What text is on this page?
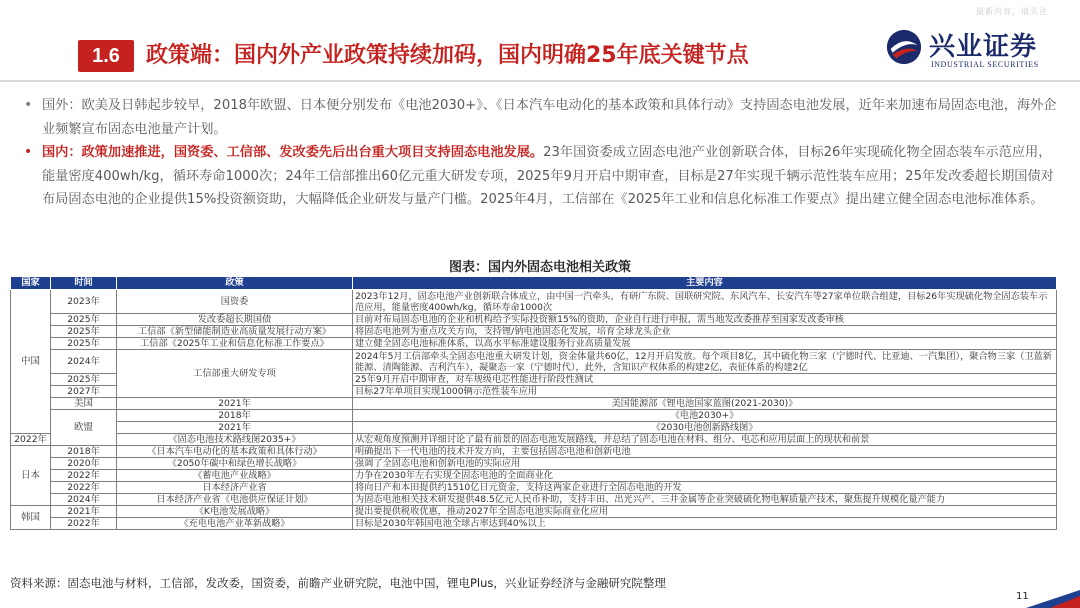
最新内容，请关注
1.6	政策端：国内外产业政策持续加码，国内明确25年底关键节点	兴业证券
INDUSTRIAL SECURITIES
• 国外：欧美及日韩起步较早，2018年欧盟、日本便分别发布《电池2030+》、《日本汽车电动化的基本政策和具体行动》支持固态电池发展，近年来加速布局固态电池，海外企业频繁宣布固态电池量产计划。
• 国内：政策加速推进，国资委、工信部、发改委先后出台重大项目支持固态电池发展。23年国资委成立固态电池产业创新联合体，目标26年实现硫化物全固态装车示范应用，能量密度400wh/kg，循环寿命1000次；24年工信部推出60亿元重大研发专项，2025年9月开启中期审查，目标是27年实现千辆示范性装车应用；25年发改委超长期国债对布局固态电池的企业提供15%投资额资助，大幅降低企业研发与量产门槛。2025年4月，工信部在《2025年工业和信息化标准工作要点》提出建立健全固态电池标准体系。
图表：国内外固态电池相关政策
国家	时间	政策	主要内容	
中国	2023年	国资委	2023年12月，固态电池产业创新联合体成立，由中国一汽牵头，有研广东院、国联研究院、东风汽车、长安汽车等27家单位联合组建，目标26年实现硫化物全固态装车示范应用，能量密度400wh/kg，循环寿命1000次	
	2025年	发改委超长期国债	目前对布局固态电池的企业和机构给予实际投资额15%的资助，企业自行进行申报，需当地发改委推荐至国家发改委审核	
	2025年	工信部《新型储能制造业高质量发展行动方案》	将固态电池列为重点攻关方向，支持锂/钠电池固态化发展，培育全球龙头企业	
	2025年	工信部《2025年工业和信息化标准工作要点》	建立健全固态电池标准体系，以高水平标准建设服务行业高质量发展	
	2024年	工信部重大研发专项	2024年5月工信部牵头全固态电池重大研发计划，资金体量共60亿，12月开启发放。每个项目8亿，其中硫化物三家（宁德时代、比亚迪、一汽集团），聚合物三家（卫蓝新能源、清陶能源、吉利汽车），凝聚态一家（宁德时代），此外，含知识产权体系的构建2亿，表征体系的构建2亿	
	2025年		25年9月开启中期审查，对车规级电芯性能进行阶段性测试	
	2027年		目标27年单项目实现1000辆示范性装车应用	
	美国	2021年	美国能源部《锂电池国家蓝图(2021-2030)》	
	欧盟	2018年	《电池2030+》	
		2021年	《2030电池创新路线图》	
2022年		《固态电池技术路线图2035+》	从宏观角度预测并详细讨论了最有前景的固态电池发展路线，并总结了固态电池在材料、组分、电芯和应用层面上的现状和前景	
日本	2018年	《日本汽车电动化的基本政策和具体行动》	明确提出下一代电池的技术开发方向，主要包括固态电池和创新电池	
	2020年	《2050年碳中和绿色增长战略》	强调了全固态电池和创新电池的实际应用	
	2022年	《蓄电池产业战略》	力争在2030年左右实现全固态电池的全面商业化	
	2022年	日本经济产业省	将向日产和本田提供约1510亿日元资金，支持这两家企业进行全固态电池的开发	
	2024年	日本经济产业省《电池供应保证计划》	为固态电池相关技术研发提供48.5亿元人民币补助，支持丰田、出光兴产、三井金属等企业突破硫化物电解质量产技术，聚焦提升规模化量产能力	
韩国	2021年	《K电池发展战略》	提出要提供税收优惠，推动2027年全固态电池实际商业化应用	
	2022年	《充电电池产业革新战略》	目标是2030年韩国电池全球占率达到40%以上	
资料来源：固态电池与材料，工信部，发改委，国资委，前瞻产业研究院，电池中国，锂电Plus，兴业证券经济与金融研究院整理
11
